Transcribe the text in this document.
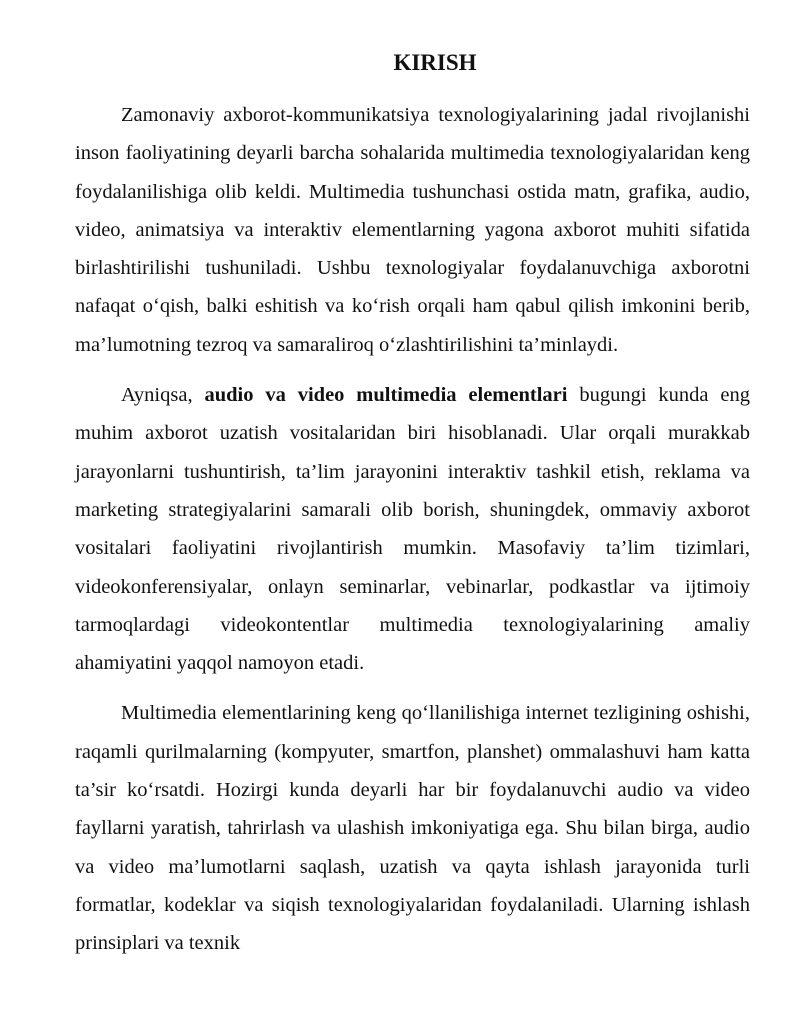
KIRISH

Zamonaviy axborot-kommunikatsiya texnologiyalarining jadal rivojlanishi inson faoliyatining deyarli barcha sohalarida multimedia texnologiyalaridan keng foydalanilishiga olib keldi. Multimedia tushunchasi ostida matn, grafika, audio, video, animatsiya va interaktiv elementlarning yagona axborot muhiti sifatida birlashtirilishi tushuniladi. Ushbu texnologiyalar foydalanuvchiga axborotni nafaqat o‘qish, balki eshitish va ko‘rish orqali ham qabul qilish imkonini berib, ma’lumotning tezroq va samaraliroq o‘zlashtirilishini ta’minlaydi.

Ayniqsa, audio va video multimedia elementlari bugungi kunda eng muhim axborot uzatish vositalaridan biri hisoblanadi. Ular orqali murakkab jarayonlarni tushuntirish, ta’lim jarayonini interaktiv tashkil etish, reklama va marketing strategiyalarini samarali olib borish, shuningdek, ommaviy axborot vositalari faoliyatini rivojlantirish mumkin. Masofaviy ta’lim tizimlari, videokonferensiyalar, onlayn seminarlar, vebinarlar, podkastlar va ijtimoiy tarmoqlardagi videokontentlar multimedia texnologiyalarining amaliy ahamiyatini yaqqol namoyon etadi.

Multimedia elementlarining keng qo‘llanilishiga internet tezligining oshishi, raqamli qurilmalarning (kompyuter, smartfon, planshet) ommalashuvi ham katta ta’sir ko‘rsatdi. Hozirgi kunda deyarli har bir foydalanuvchi audio va video fayllarni yaratish, tahrirlash va ulashish imkoniyatiga ega. Shu bilan birga, audio va video ma’lumotlarni saqlash, uzatish va qayta ishlash jarayonida turli formatlar, kodeklar va siqish texnologiyalaridan foydalaniladi. Ularning ishlash prinsiplari va texnik
